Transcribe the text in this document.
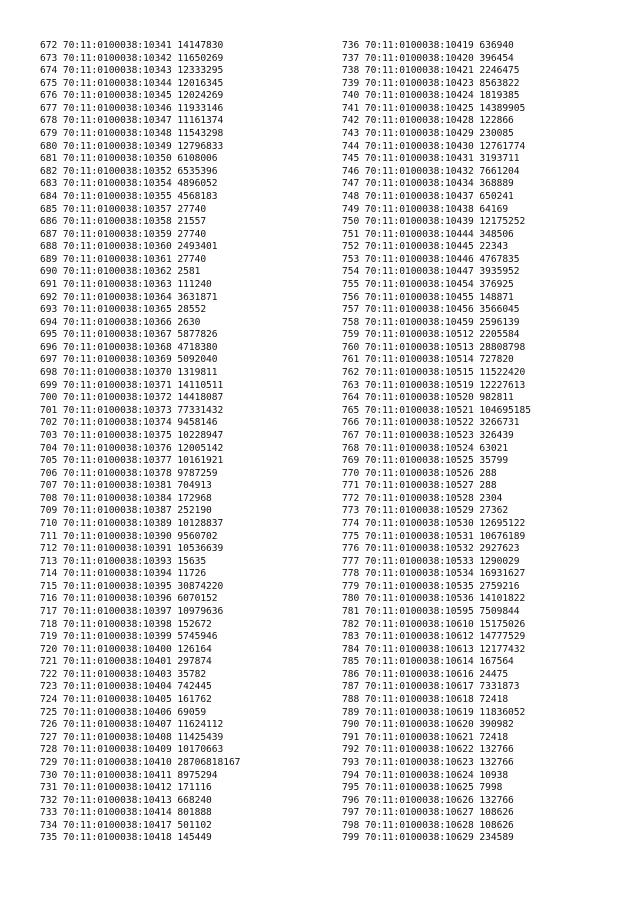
672 70:11:0100038:10341 14147830
673 70:11:0100038:10342 11650269
674 70:11:0100038:10343 12333295
675 70:11:0100038:10344 12016345
676 70:11:0100038:10345 12024269
677 70:11:0100038:10346 11933146
678 70:11:0100038:10347 11161374
679 70:11:0100038:10348 11543298
680 70:11:0100038:10349 12796833
681 70:11:0100038:10350 6108006
682 70:11:0100038:10352 6535396
683 70:11:0100038:10354 4896052
684 70:11:0100038:10355 4568183
685 70:11:0100038:10357 27740
686 70:11:0100038:10358 21557
687 70:11:0100038:10359 27740
688 70:11:0100038:10360 2493401
689 70:11:0100038:10361 27740
690 70:11:0100038:10362 2581
691 70:11:0100038:10363 111240
692 70:11:0100038:10364 3631871
693 70:11:0100038:10365 28552
694 70:11:0100038:10366 2630
695 70:11:0100038:10367 5877826
696 70:11:0100038:10368 4718380
697 70:11:0100038:10369 5092040
698 70:11:0100038:10370 1319811
699 70:11:0100038:10371 14110511
700 70:11:0100038:10372 14418087
701 70:11:0100038:10373 77331432
702 70:11:0100038:10374 9458146
703 70:11:0100038:10375 10228947
704 70:11:0100038:10376 12005142
705 70:11:0100038:10377 10161921
706 70:11:0100038:10378 9787259
707 70:11:0100038:10381 704913
708 70:11:0100038:10384 172968
709 70:11:0100038:10387 252190
710 70:11:0100038:10389 10128837
711 70:11:0100038:10390 9560702
712 70:11:0100038:10391 10536639
713 70:11:0100038:10393 15635
714 70:11:0100038:10394 11726
715 70:11:0100038:10395 30874220
716 70:11:0100038:10396 6070152
717 70:11:0100038:10397 10979636
718 70:11:0100038:10398 152672
719 70:11:0100038:10399 5745946
720 70:11:0100038:10400 126164
721 70:11:0100038:10401 297874
722 70:11:0100038:10403 35782
723 70:11:0100038:10404 742445
724 70:11:0100038:10405 161762
725 70:11:0100038:10406 69059
726 70:11:0100038:10407 11624112
727 70:11:0100038:10408 11425439
728 70:11:0100038:10409 10170663
729 70:11:0100038:10410 28706818167
730 70:11:0100038:10411 8975294
731 70:11:0100038:10412 171116
732 70:11:0100038:10413 668240
733 70:11:0100038:10414 801888
734 70:11:0100038:10417 501102
735 70:11:0100038:10418 145449
736 70:11:0100038:10419 636940
737 70:11:0100038:10420 396454
738 70:11:0100038:10421 2246475
739 70:11:0100038:10423 8563822
740 70:11:0100038:10424 1819385
741 70:11:0100038:10425 14389905
742 70:11:0100038:10428 122866
743 70:11:0100038:10429 230085
744 70:11:0100038:10430 12761774
745 70:11:0100038:10431 3193711
746 70:11:0100038:10432 7661204
747 70:11:0100038:10434 368889
748 70:11:0100038:10437 650241
749 70:11:0100038:10438 64169
750 70:11:0100038:10439 12175252
751 70:11:0100038:10444 348506
752 70:11:0100038:10445 22343
753 70:11:0100038:10446 4767835
754 70:11:0100038:10447 3935952
755 70:11:0100038:10454 376925
756 70:11:0100038:10455 148871
757 70:11:0100038:10456 3566045
758 70:11:0100038:10459 2596139
759 70:11:0100038:10512 2205584
760 70:11:0100038:10513 28808798
761 70:11:0100038:10514 727820
762 70:11:0100038:10515 11522420
763 70:11:0100038:10519 12227613
764 70:11:0100038:10520 982811
765 70:11:0100038:10521 104695185
766 70:11:0100038:10522 3266731
767 70:11:0100038:10523 326439
768 70:11:0100038:10524 63021
769 70:11:0100038:10525 35799
770 70:11:0100038:10526 288
771 70:11:0100038:10527 288
772 70:11:0100038:10528 2304
773 70:11:0100038:10529 27362
774 70:11:0100038:10530 12695122
775 70:11:0100038:10531 10676189
776 70:11:0100038:10532 2927623
777 70:11:0100038:10533 1290029
778 70:11:0100038:10534 16931627
779 70:11:0100038:10535 2759216
780 70:11:0100038:10536 14101822
781 70:11:0100038:10595 7509844
782 70:11:0100038:10610 15175026
783 70:11:0100038:10612 14777529
784 70:11:0100038:10613 12177432
785 70:11:0100038:10614 167564
786 70:11:0100038:10616 24475
787 70:11:0100038:10617 7331873
788 70:11:0100038:10618 72418
789 70:11:0100038:10619 11836052
790 70:11:0100038:10620 390982
791 70:11:0100038:10621 72418
792 70:11:0100038:10622 132766
793 70:11:0100038:10623 132766
794 70:11:0100038:10624 10938
795 70:11:0100038:10625 7998
796 70:11:0100038:10626 132766
797 70:11:0100038:10627 108626
798 70:11:0100038:10628 108626
799 70:11:0100038:10629 234589
